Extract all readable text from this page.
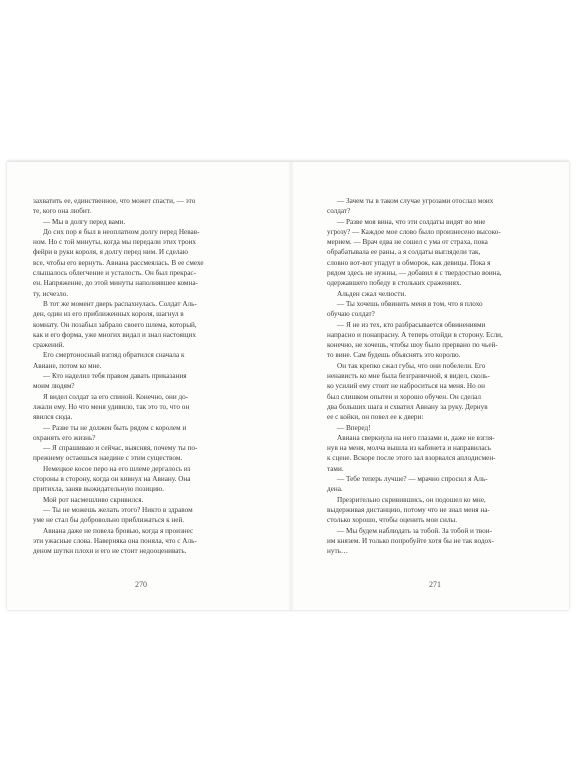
захватить ее, единственное, что может спасти, — это

те, кого она любит.

— Мы в долгу перед вами.

До сих пор я был в неоплатном долгу перед Невав-

ном. Но с той минуты, когда мы передали этих троих

фейри в руки короля, я долгу перед ним. И сделаю

все, чтобы его вернуть. Авиана рассмеялась. В ее смехе

слышалось облегчение и усталость. Он был прекрас-

ен. Напряжение, до этой минуты наполнявшее комна-

ту, исчезло.

В тот же момент дверь распахнулась. Солдат Аль-

ден, один из его приближенных короля, шагнул в

комнату. Он позабыл забрало своего шлема, который,

как и его форма, уже многих видал и знал настоящих

сражений.

Его смертоносный взгляд обратился сначала к

Авиане, потом ко мне.

— Кто наделил тебя правом давать приказания

моим людям?

Я видел солдат за его спиной. Конечно, они до-

лжали ему. Но что меня удивило, так это то, что он

явился сюда.

— Разве ты не должен быть рядом с королем и

охранять его жизнь?

— Я спрашиваю и сейчас, выясняя, почему ты по-

прежнему остаешься наедине с этим существом.

Немецкое косое перо на его шлеме дергалось из

стороны в сторону, когда он кивнул на Авиану. Она

притихла, заняв выжидательную позицию.

Мой рот насмешливо скривился.

— Ты не можешь желать этого? Никто в здравом

уме не стал бы добровольно приближаться к ней.

Авиана даже не повела бровью, когда я произнес

эти ужасные слова. Наверняка она поняла, что с Аль-

деном шутки плохи и его не стоит недооценивать.

— Зачем ты в таком случае угрозами отослал моих

солдат?

— Разве моя вина, что эти солдаты видят во мне

угрозу? — Каждое мое слово было произнесено высоко-

мерием. — Врач едва не сошел с ума от страха, пока

обрабатывала ее раны, а я солдаты выглядели так,

словно вот-вот упадут в обморок, как девицы. Пока я

рядом здесь не нужны, — добавил я с твердостью воина,

одержавшего победу в стольких сражениях.

Альден сжал челюсти.

— Ты хочешь обвинить меня в том, что я плохо

обучаю солдат?

— Я не из тех, кто разбрасывается обвинениями

напрасно и понапрасну. А теперь отойди в сторону. Если,

конечно, не хочешь, чтобы шоу было прервано по чьей-

то вине. Сам будешь объяснять это королю.

Он так крепко сжал губы, что они побелели. Его

ненависть ко мне была безграничной, я видел, сколь-

ко усилий ему стоит не наброситься на меня. Но он

был слишком опытен и хорошо обучен. Он сделал

два больших шага и схватил Авиану за руку. Дернув

ее с койки, он повел ее к двери:

— Вперед!

Авиана сверкнула на него глазами и, даже не взгля-

нув на меня, молча вышла из кабинета и направилась

к сцене. Вскоре после этого зал взорвался аплодисмен-

тами.

— Тебе теперь лучше? — мрачно спросил я Аль-

дена.

Презрительно скривившись, он подошел ко мне,

выдерживая дистанцию, потому что не знал меня на-

столько хорошо, чтобы оценить мои силы.

— Мы будем наблюдать за тобой. За тобой и твои-

им князем. И только попробуйте хотя бы не так водох-

нуть…

270	271
